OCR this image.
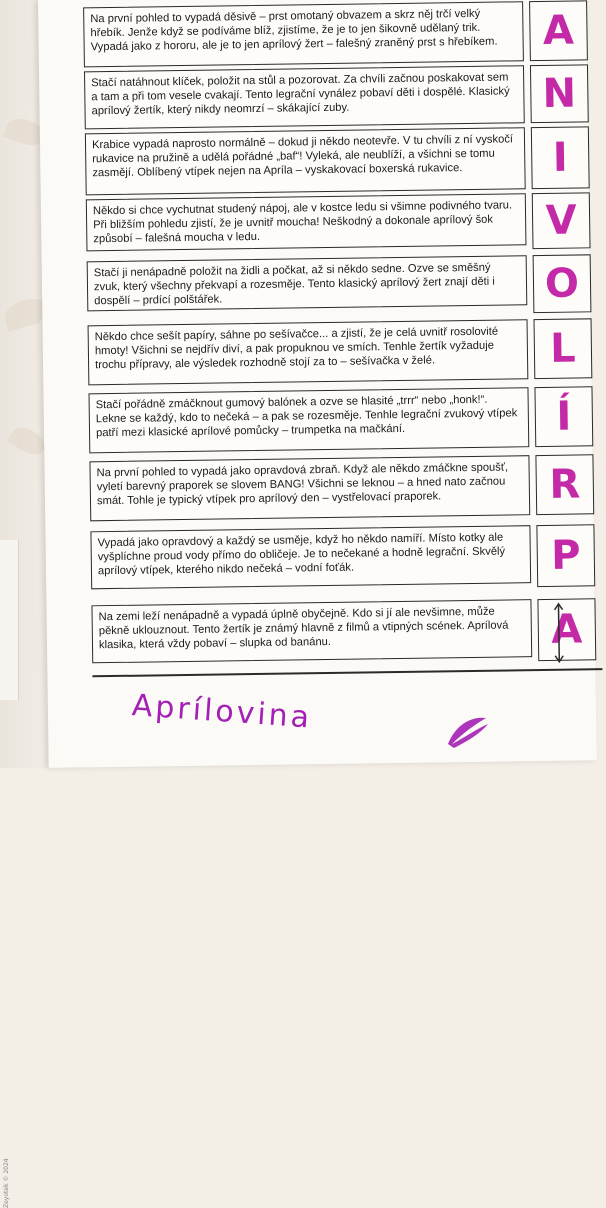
Zeyotek © 2024
Na první pohled to vypadá děsivě – prst omotaný obvazem a skrz něj trčí velký hřebík. Jenže když se podíváme blíž, zjistíme, že je to jen šikovně udělaný trik. Vypadá jako z hororu, ale je to jen aprílový žert – falešný zraněný prst s hřebíkem.	A
Stačí natáhnout klíček, položit na stůl a pozorovat. Za chvíli začnou poskakovat sem a tam a při tom vesele cvakají. Tento legrační vynález pobaví děti i dospělé. Klasický aprílový žertík, který nikdy neomrzí – skákající zuby.	N
Krabice vypadá naprosto normálně – dokud ji někdo neotevře. V tu chvíli z ní vyskočí rukavice na pružině a udělá pořádné „baf“! Vyleká, ale neublíží, a všichni se tomu zasmějí. Oblíbený vtípek nejen na Apríla – vyskakovací boxerská rukavice.	I
Někdo si chce vychutnat studený nápoj, ale v kostce ledu si všimne podivného tvaru. Při bližším pohledu zjistí, že je uvnitř moucha! Neškodný a dokonale aprílový šok způsobí – falešná moucha v ledu.	V
Stačí ji nenápadně položit na židli a počkat, až si někdo sedne. Ozve se směšný zvuk, který všechny překvapí a rozesměje. Tento klasický aprílový žert znají děti i dospělí – prdící polštářek.	O
Někdo chce sešít papíry, sáhne po sešívačce... a zjistí, že je celá uvnitř rosolovité hmoty! Všichni se nejdřív diví, a pak propuknou ve smích. Tenhle žertík vyžaduje trochu přípravy, ale výsledek rozhodně stojí za to – sešívačka v želé.	L
Stačí pořádně zmáčknout gumový balónek a ozve se hlasité „trrr“ nebo „honk!“. Lekne se každý, kdo to nečeká – a pak se rozesměje. Tenhle legrační zvukový vtípek patří mezi klasické aprílové pomůcky – trumpetka na mačkání.	Í
Na první pohled to vypadá jako opravdová zbraň. Když ale někdo zmáčkne spoušť, vyletí barevný praporek se slovem BANG! Všichni se leknou – a hned nato začnou smát. Tohle je typický vtípek pro aprílový den – vystřelovací praporek.	R
Vypadá jako opravdový a každý se usměje, když ho někdo namíří. Místo kotky ale vyšplíchne proud vody přímo do obličeje. Je to nečekané a hodně legrační. Skvělý aprílový vtípek, kterého nikdo nečeká – vodní foťák.	P
Na zemi leží nenápadně a vypadá úplně obyčejně. Kdo si jí ale nevšimne, může pěkně uklouznout. Tento žertík je známý hlavně z filmů a vtipných scének. Aprílová klasika, která vždy pobaví – slupka od banánu.	A
Aprílovina
